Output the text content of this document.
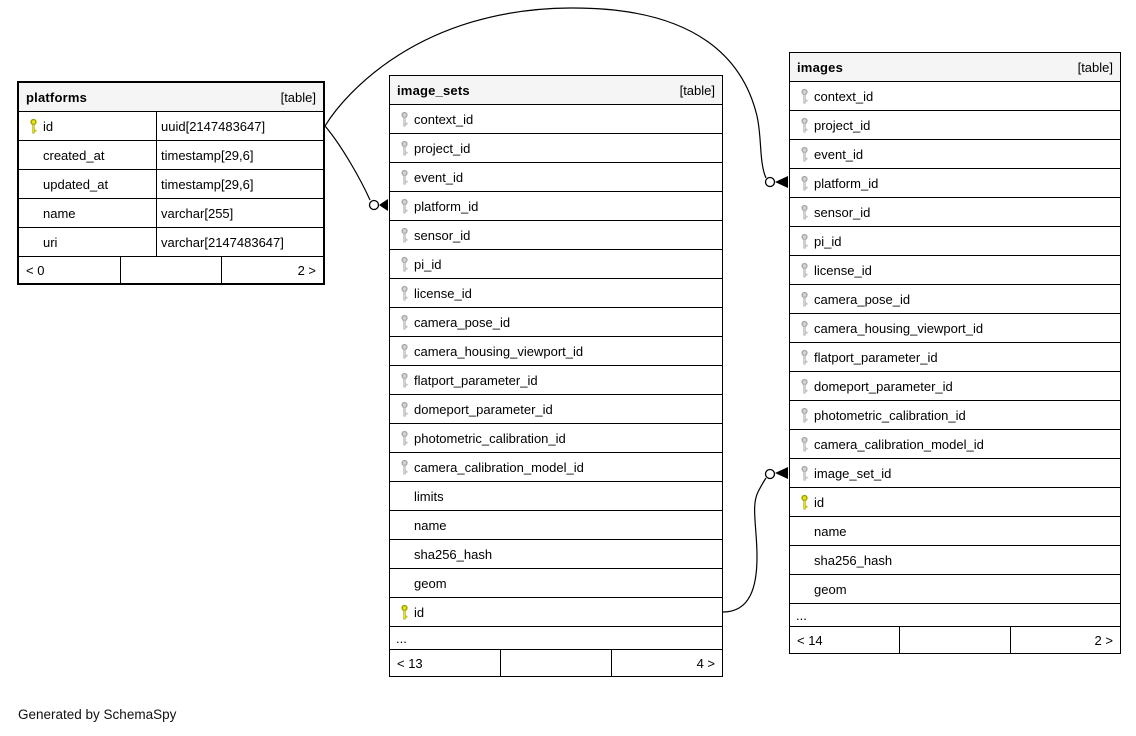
platforms	[table]
id	uuid[2147483647]
created_at	timestamp[29,6]
updated_at	timestamp[29,6]
name	varchar[255]
uri	varchar[2147483647]
< 0	2 >
image_sets	[table]
context_id
project_id
event_id
platform_id
sensor_id
pi_id
license_id
camera_pose_id
camera_housing_viewport_id
flatport_parameter_id
domeport_parameter_id
photometric_calibration_id
camera_calibration_model_id
limits
name
sha256_hash
geom
id
...
< 13	4 >
images	[table]
context_id
project_id
event_id
platform_id
sensor_id
pi_id
license_id
camera_pose_id
camera_housing_viewport_id
flatport_parameter_id
domeport_parameter_id
photometric_calibration_id
camera_calibration_model_id
image_set_id
id
name
sha256_hash
geom
...
< 14	2 >
Generated by SchemaSpy
